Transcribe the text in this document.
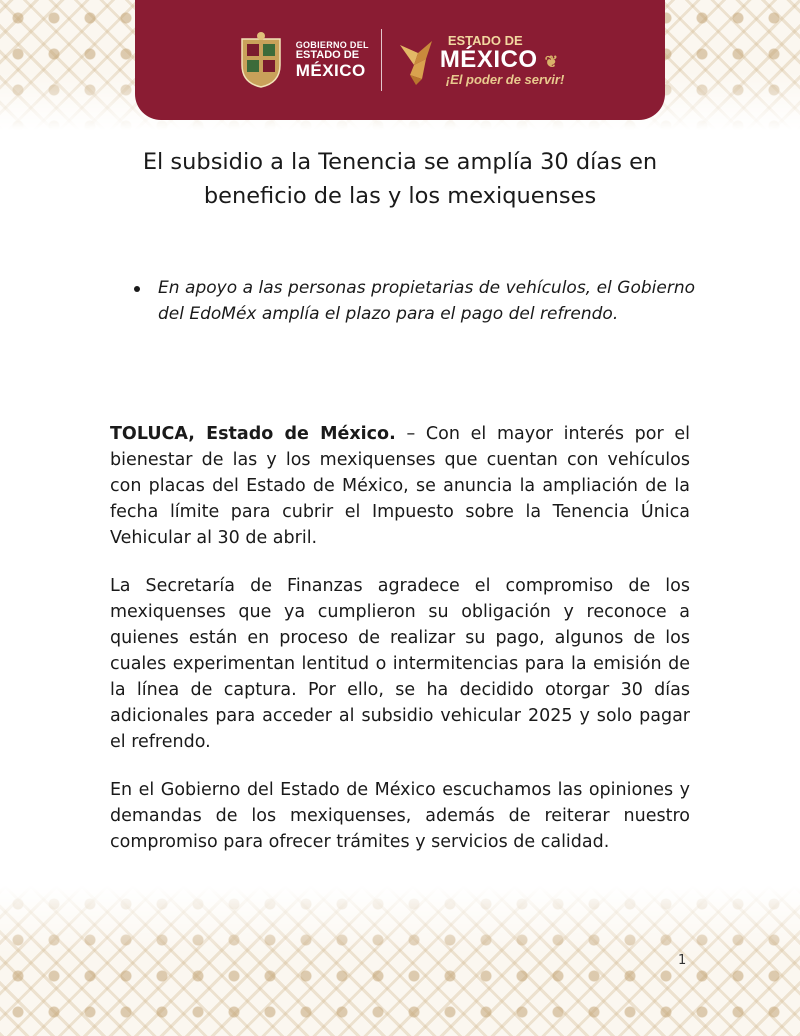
GOBIERNO DEL
ESTADO DE
MÉXICO
ESTADO DE
MÉXICO ❦
¡El poder de servir!
El subsidio a la Tenencia se amplía 30 días en beneficio de las y los mexiquenses
En apoyo a las personas propietarias de vehículos, el Gobierno del EdoMéx amplía el plazo para el pago del refrendo.

TOLUCA, Estado de México. – Con el mayor interés por el bienestar de las y los mexiquenses que cuentan con vehículos con placas del Estado de México, se anuncia la ampliación de la fecha límite para cubrir el Impuesto sobre la Tenencia Única Vehicular al 30 de abril.

La Secretaría de Finanzas agradece el compromiso de los mexiquenses que ya cumplieron su obligación y reconoce a quienes están en proceso de realizar su pago, algunos de los cuales experimentan lentitud o intermitencias para la emisión de la línea de captura. Por ello, se ha decidido otorgar 30 días adicionales para acceder al subsidio vehicular 2025 y solo pagar el refrendo.

En el Gobierno del Estado de México escuchamos las opiniones y demandas de los mexiquenses, además de reiterar nuestro compromiso para ofrecer trámites y servicios de calidad.

1
